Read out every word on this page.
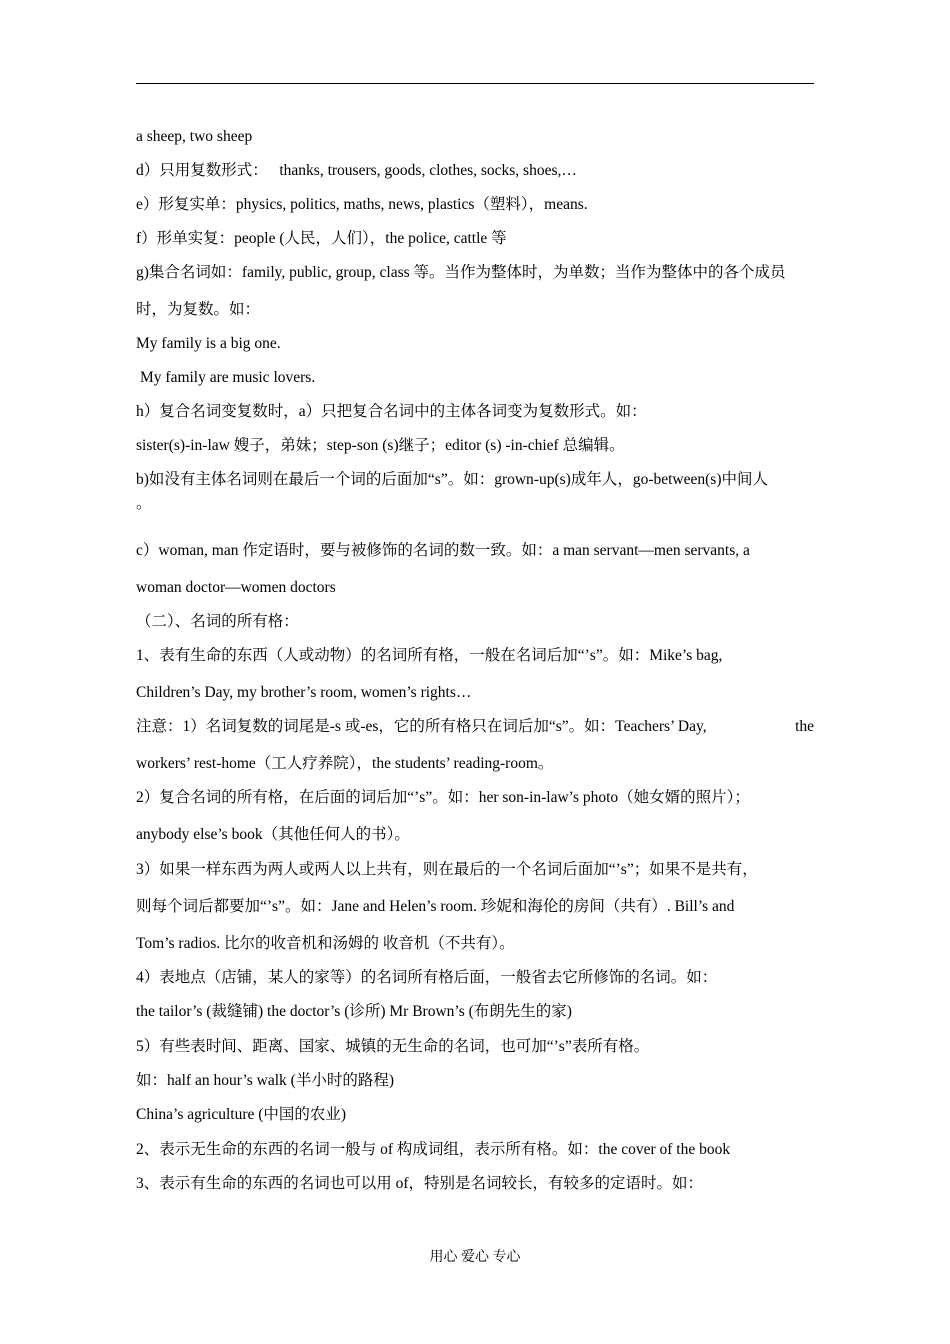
a sheep, two sheep
d）只用复数形式：　 thanks, trousers, goods, clothes, socks, shoes,…
e）形复实单：physics, politics, maths, news, plastics（塑料），means.
f）形单实复：people (人民，人们），the police, cattle 等
g)集合名词如：family, public, group, class 等。当作为整体时，为单数；当作为整体中的各个成员
时，为复数。如：
My family is a big one.
My family are music lovers.
h）复合名词变复数时，a）只把复合名词中的主体各词变为复数形式。如：
sister(s)-in-law 嫂子，弟妹；step-son (s)继子；editor (s) -in-chief 总编辑。
b)如没有主体名词则在最后一个词的后面加“s”。如：grown-up(s)成年人，go-between(s)中间人
。
c）woman, man 作定语时，要与被修饰的名词的数一致。如：a man servant—men servants, a
woman doctor—women doctors
（二）、名词的所有格：
1、表有生命的东西（人或动物）的名词所有格，一般在名词后加“’s”。如：Mike’s bag,
Children’s Day, my brother’s room, women’s rights…
注意：1）名词复数的词尾是-s 或-es，它的所有格只在词后加“s”。如：Teachers’ Day,	the
workers’ rest-home（工人疗养院），the students’ reading-room。
2）复合名词的所有格，在后面的词后加“’s”。如：her son-in-law’s photo（她女婿的照片）；
anybody else’s book（其他任何人的书）。
3）如果一样东西为两人或两人以上共有，则在最后的一个名词后面加“’s”；如果不是共有，
则每个词后都要加“’s”。如：Jane and Helen’s room. 珍妮和海伦的房间（共有）. Bill’s and
Tom’s radios. 比尔的收音机和汤姆的 收音机（不共有）。
4）表地点（店铺，某人的家等）的名词所有格后面，一般省去它所修饰的名词。如：
the tailor’s (裁缝铺) the doctor’s (诊所) Mr Brown’s (布朗先生的家)
5）有些表时间、距离、国家、城镇的无生命的名词，也可加“’s”表所有格。
如：half an hour’s walk (半小时的路程)
China’s agriculture (中国的农业)
2、表示无生命的东西的名词一般与 of 构成词组，表示所有格。如：the cover of the book
3、表示有生命的东西的名词也可以用 of，特别是名词较长，有较多的定语时。如：
用心 爱心 专心
